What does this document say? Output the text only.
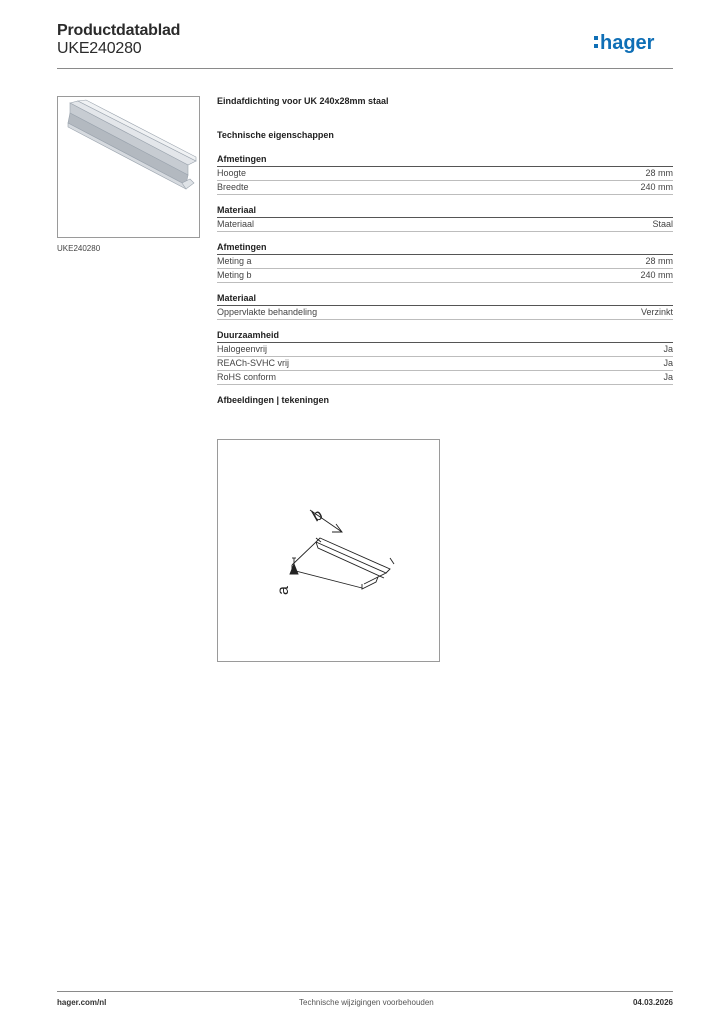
Productdatablad
UKE240280	hager
UKE240280
Eindafdichting voor UK 240x28mm staal
Technische eigenschappen
Afmetingen
Hoogte	28 mm
Breedte	240 mm
Materiaal
Materiaal	Staal
Afmetingen
Meting a	28 mm
Meting b	240 mm
Materiaal
Oppervlakte behandeling	Verzinkt
Duurzaamheid
Halogeenvrij	Ja
REACh-SVHC vrij	Ja
RoHS conform	Ja
Afbeeldingen | tekeningen
b
a
hager.com/nl	Technische wijzigingen voorbehouden	04.03.2026
